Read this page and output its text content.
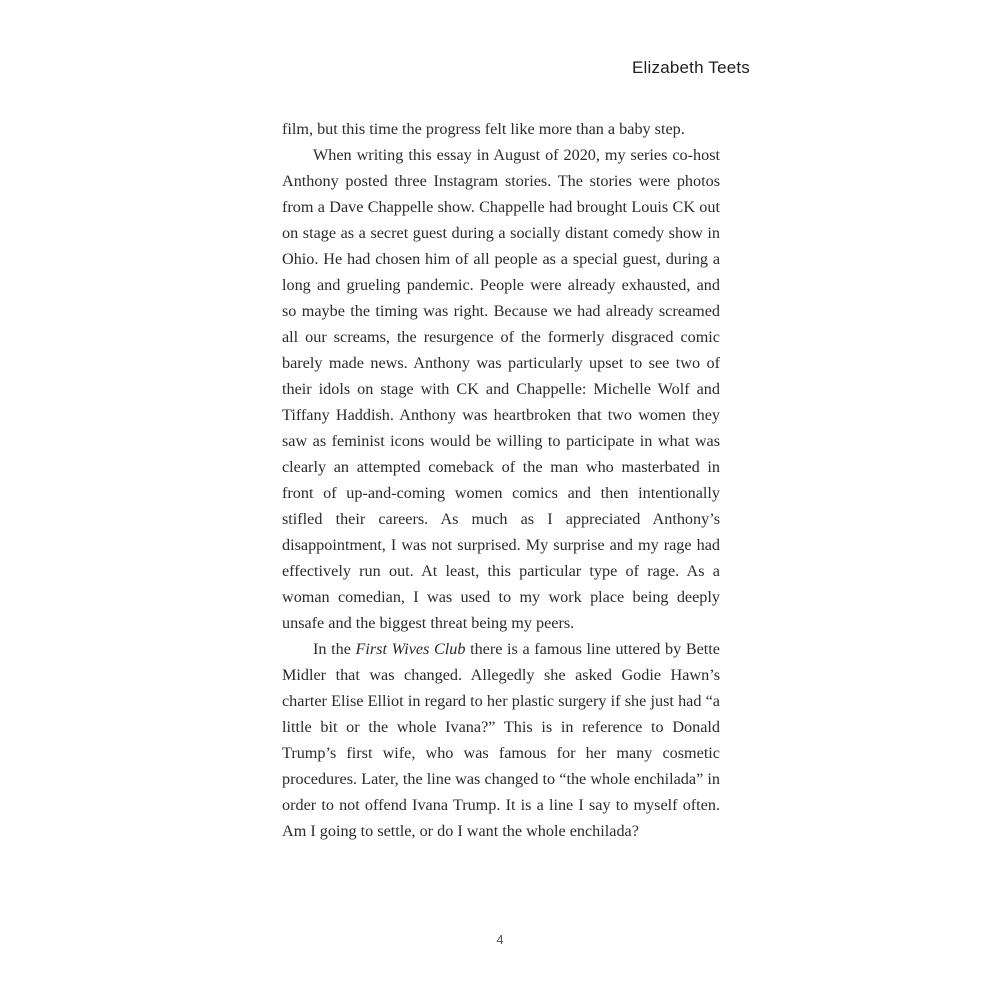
Elizabeth Teets

film, but this time the progress felt like more than a baby step.

When writing this essay in August of 2020, my series co-host Anthony posted three Instagram stories. The stories were photos from a Dave Chappelle show. Chappelle had brought Louis CK out on stage as a secret guest during a socially distant comedy show in Ohio. He had chosen him of all people as a special guest, during a long and grueling pandemic. People were already exhausted, and so maybe the timing was right. Because we had already screamed all our screams, the resurgence of the formerly disgraced comic barely made news. Anthony was particularly upset to see two of their idols on stage with CK and Chappelle: Michelle Wolf and Tiffany Haddish. Anthony was heartbroken that two women they saw as feminist icons would be willing to participate in what was clearly an attempted comeback of the man who masterbated in front of up-and-coming women comics and then intentionally stifled their careers. As much as I appreciated Anthony’s disappointment, I was not surprised. My surprise and my rage had effectively run out. At least, this particular type of rage. As a woman comedian, I was used to my work place being deeply unsafe and the biggest threat being my peers.

In the First Wives Club there is a famous line uttered by Bette Midler that was changed. Allegedly she asked Godie Hawn’s charter Elise Elliot in regard to her plastic surgery if she just had “a little bit or the whole Ivana?” This is in reference to Donald Trump’s first wife, who was famous for her many cosmetic procedures. Later, the line was changed to “the whole enchilada” in order to not offend Ivana Trump. It is a line I say to myself often. Am I going to settle, or do I want the whole enchilada?

4
